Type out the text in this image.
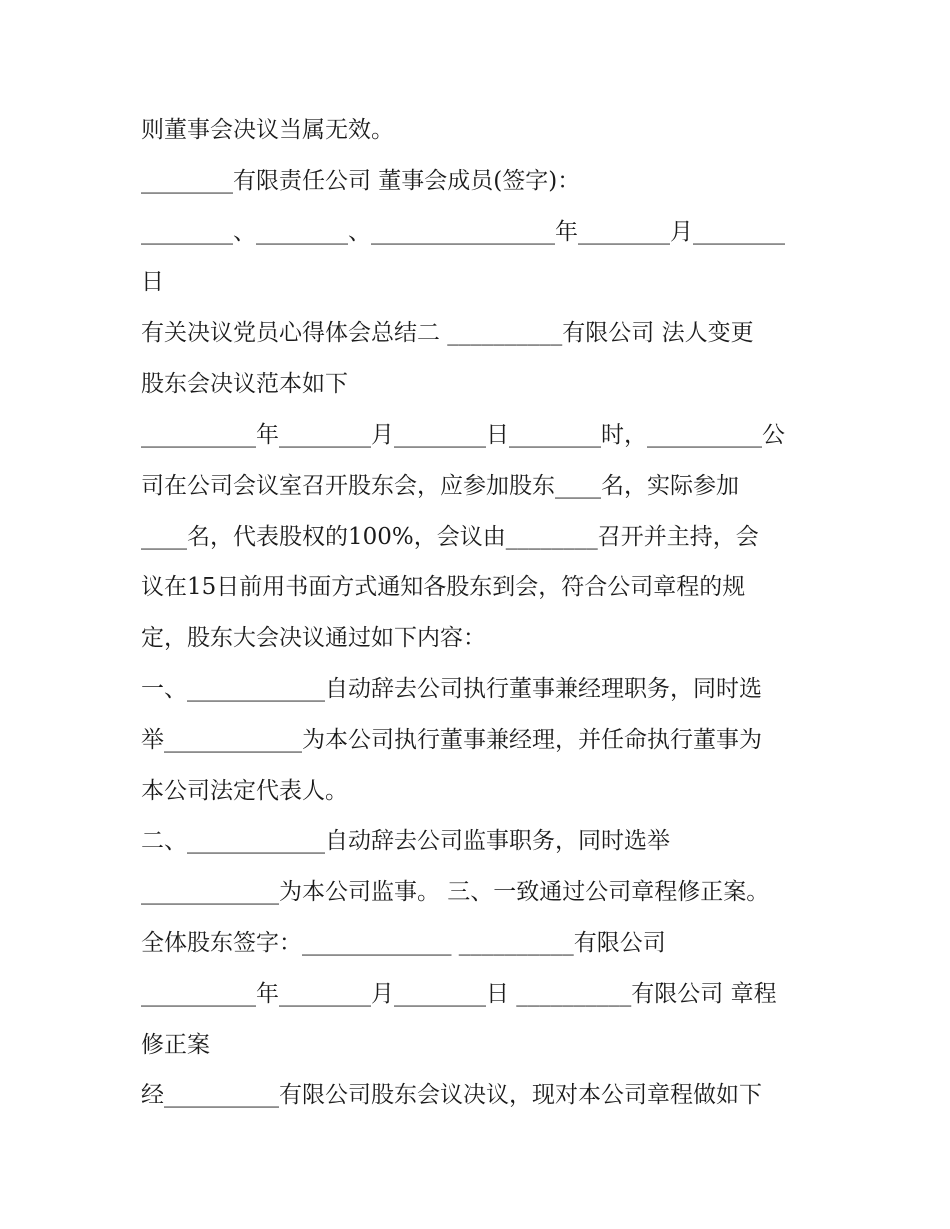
则董事会决议当属无效。
________有限责任公司 董事会成员(签字)：
________、________、________________年________月________
日
有关决议党员心得体会总结二 __________有限公司 法人变更
股东会决议范本如下
__________年________月________日________时，__________公
司在公司会议室召开股东会，应参加股东____名，实际参加
____名，代表股权的100%，会议由________召开并主持，会
议在15日前用书面方式通知各股东到会，符合公司章程的规
定，股东大会决议通过如下内容：
一、____________自动辞去公司执行董事兼经理职务，同时选
举____________为本公司执行董事兼经理，并任命执行董事为
本公司法定代表人。
二、____________自动辞去公司监事职务，同时选举
____________为本公司监事。 三、一致通过公司章程修正案。
全体股东签字：_____________ __________有限公司
__________年________月________日 __________有限公司 章程
修正案
经__________有限公司股东会议决议，现对本公司章程做如下
